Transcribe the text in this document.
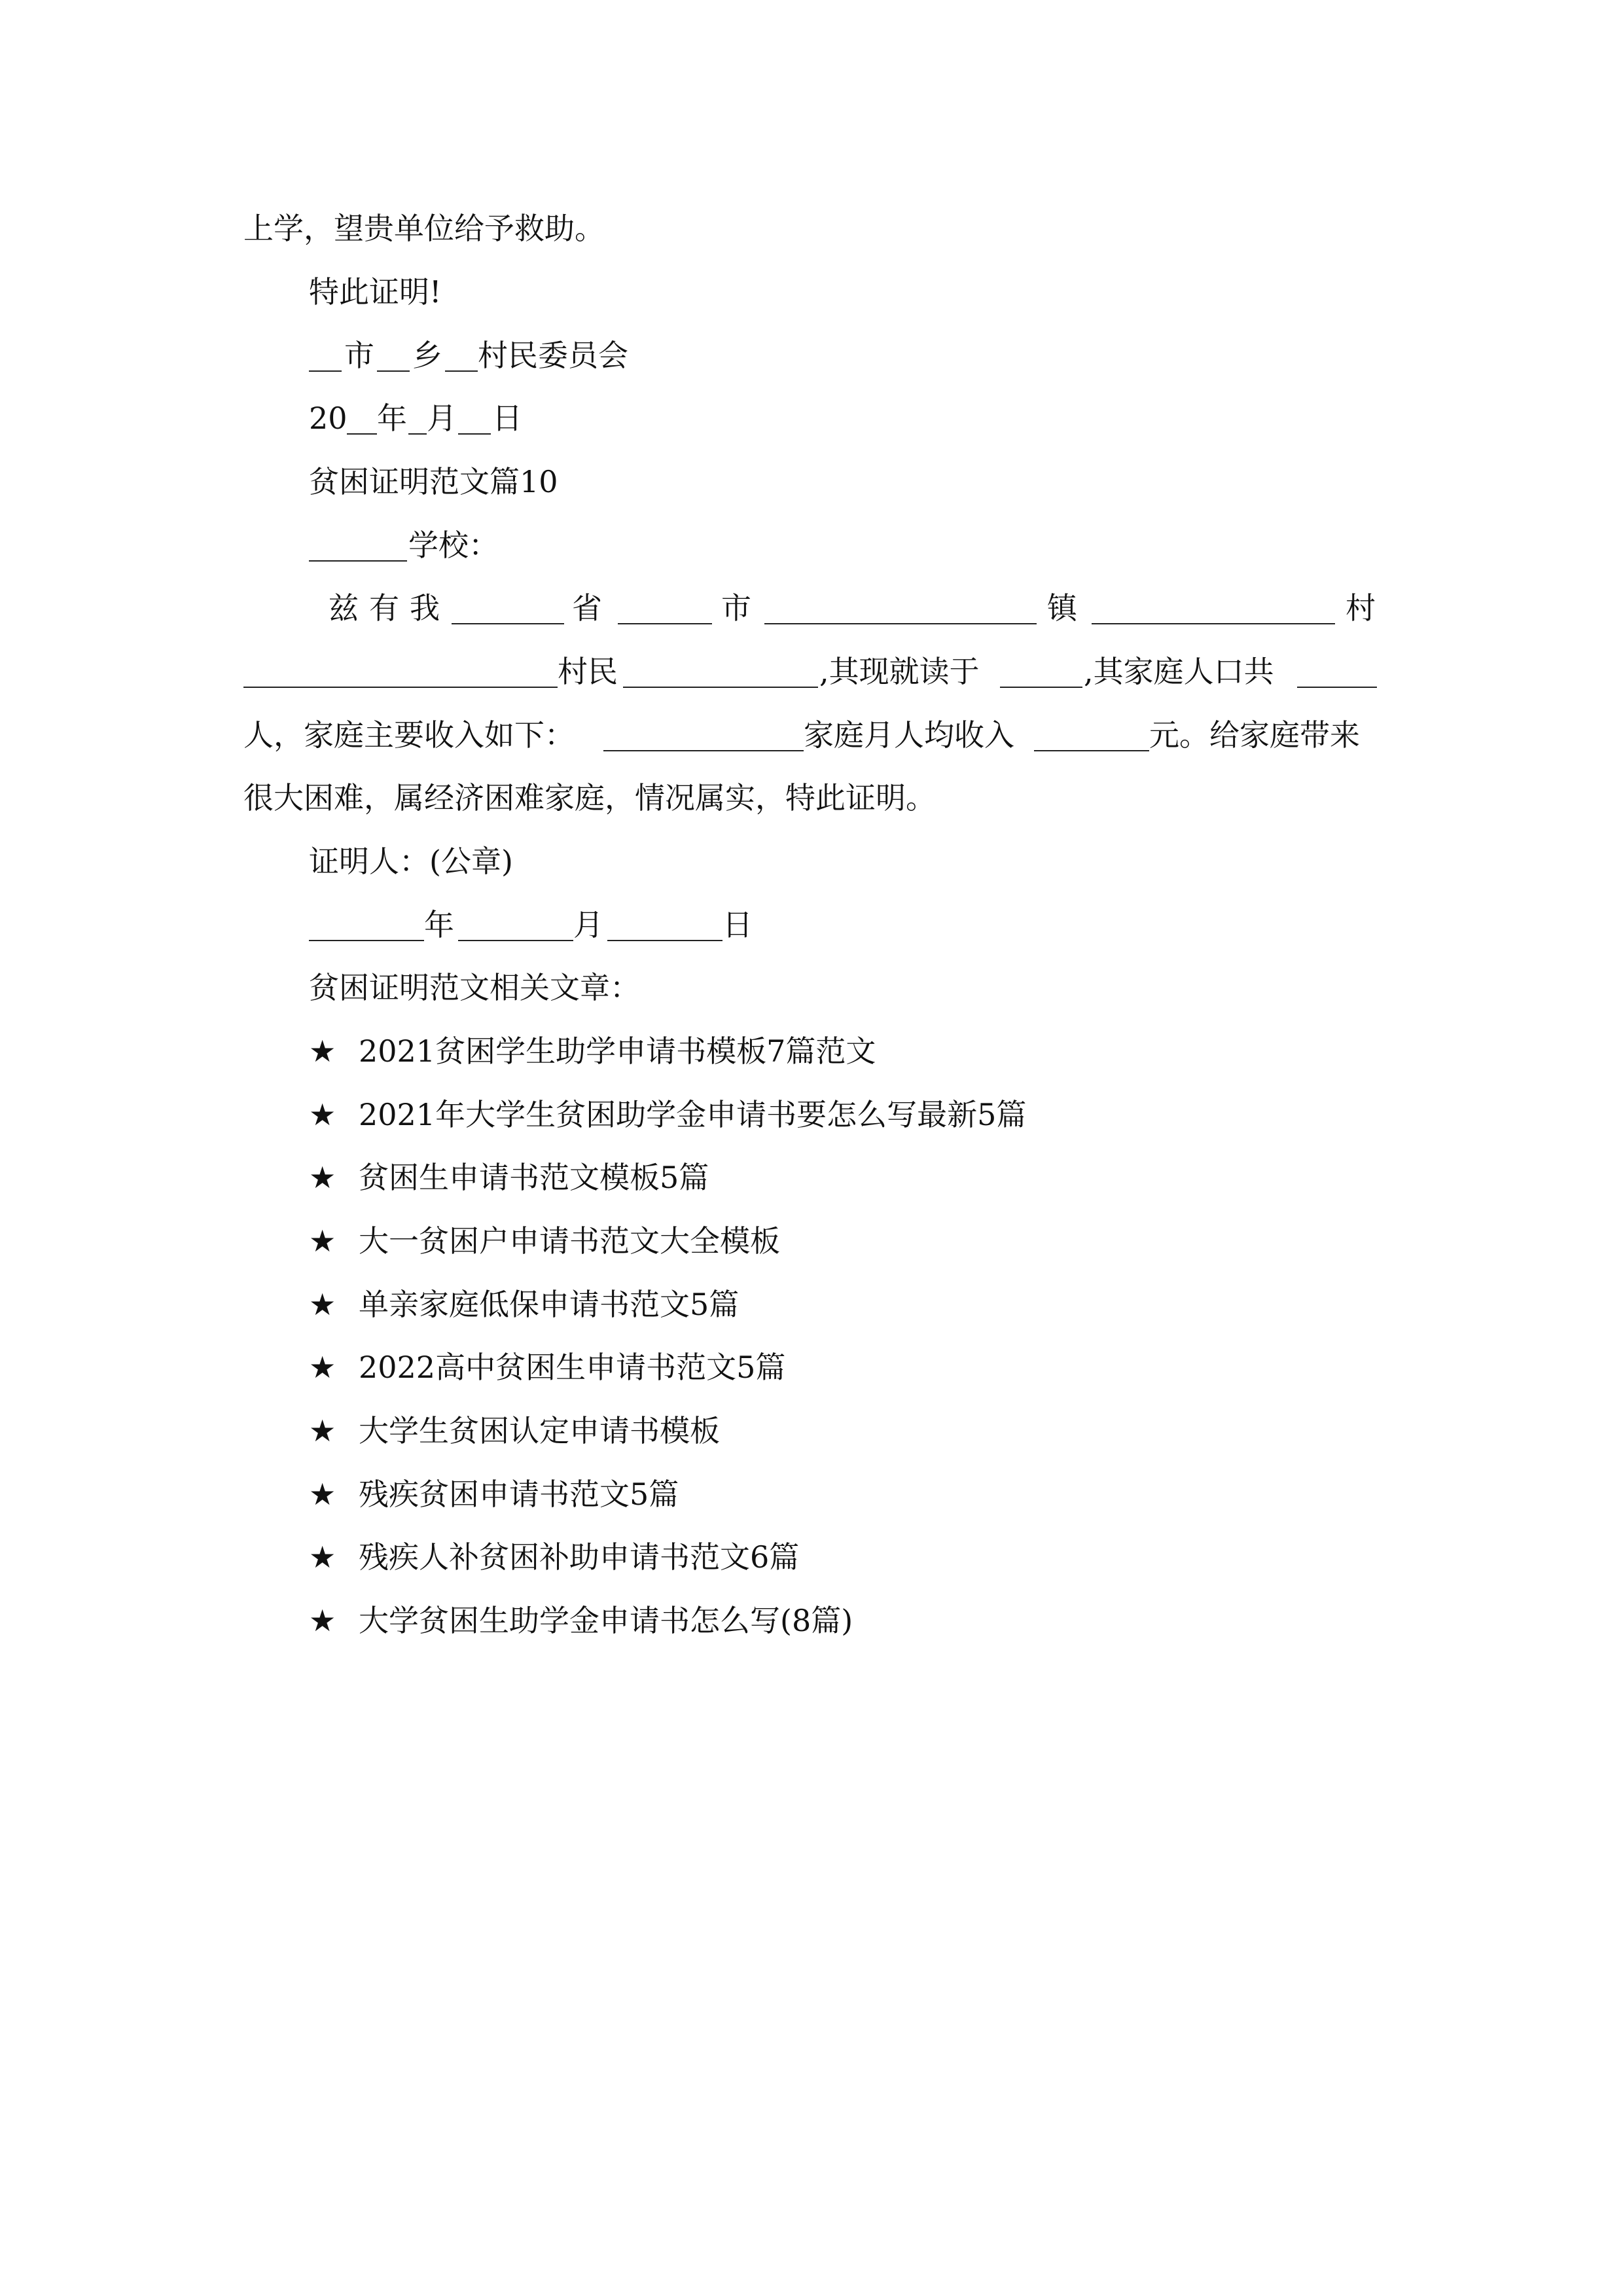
上学，望贵单位给予救助。
特此证明!
市 乡 村民委员会
20 年 月 日
贫困证明范文篇10
学校：
兹 有 我	省	市	镇	村
村民	,其现就读于	,其家庭人口共
人，家庭主要收入如下：	家庭月人均收入	元。给家庭带来
很大困难，属经济困难家庭，情况属实，特此证明。
证明人：(公章)
年	月	日
贫困证明范文相关文章：
★ 2021贫困学生助学申请书模板7篇范文
★ 2021年大学生贫困助学金申请书要怎么写最新5篇
★ 贫困生申请书范文模板5篇
★ 大一贫困户申请书范文大全模板
★ 单亲家庭低保申请书范文5篇
★ 2022高中贫困生申请书范文5篇
★ 大学生贫困认定申请书模板
★ 残疾贫困申请书范文5篇
★ 残疾人补贫困补助申请书范文6篇
★ 大学贫困生助学金申请书怎么写(8篇)
